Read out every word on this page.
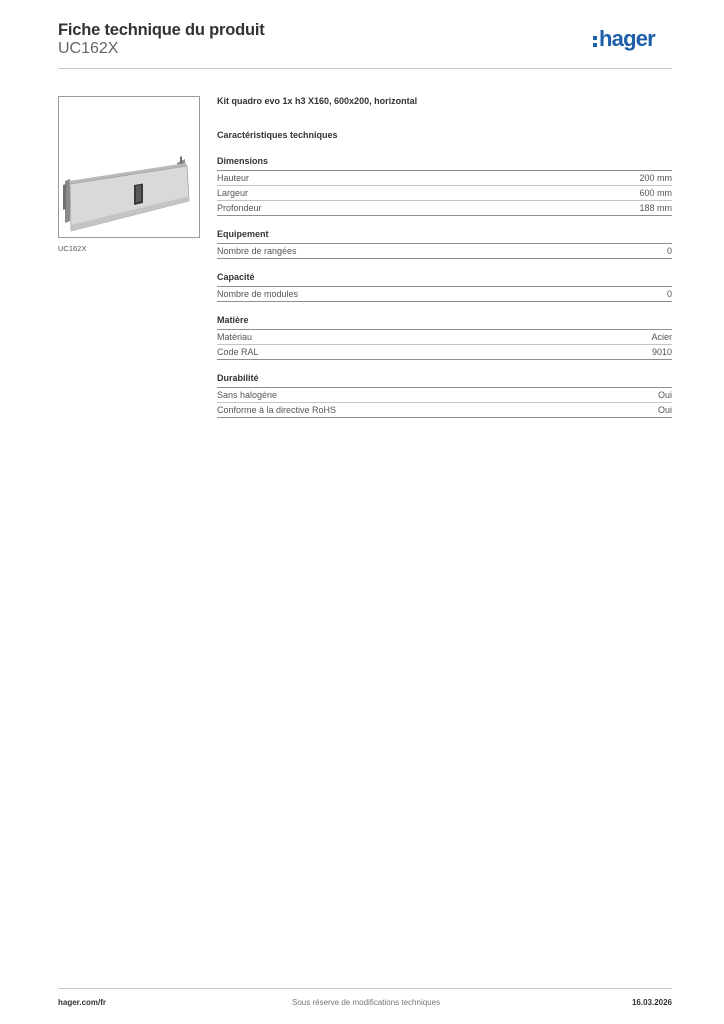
Fiche technique du produit
UC162X	hager
UC162X
Kit quadro evo 1x h3 X160, 600x200, horizontal
Caractéristiques techniques
Dimensions
Hauteur	200 mm
Largeur	600 mm
Profondeur	188 mm
Equipement
Nombre de rangées	0
Capacité
Nombre de modules	0
Matière
Matériau	Acier
Code RAL	9010
Durabilité
Sans halogène	Oui
Conforme à la directive RoHS	Oui
hager.com/fr	Sous réserve de modifications techniques	16.03.2026
